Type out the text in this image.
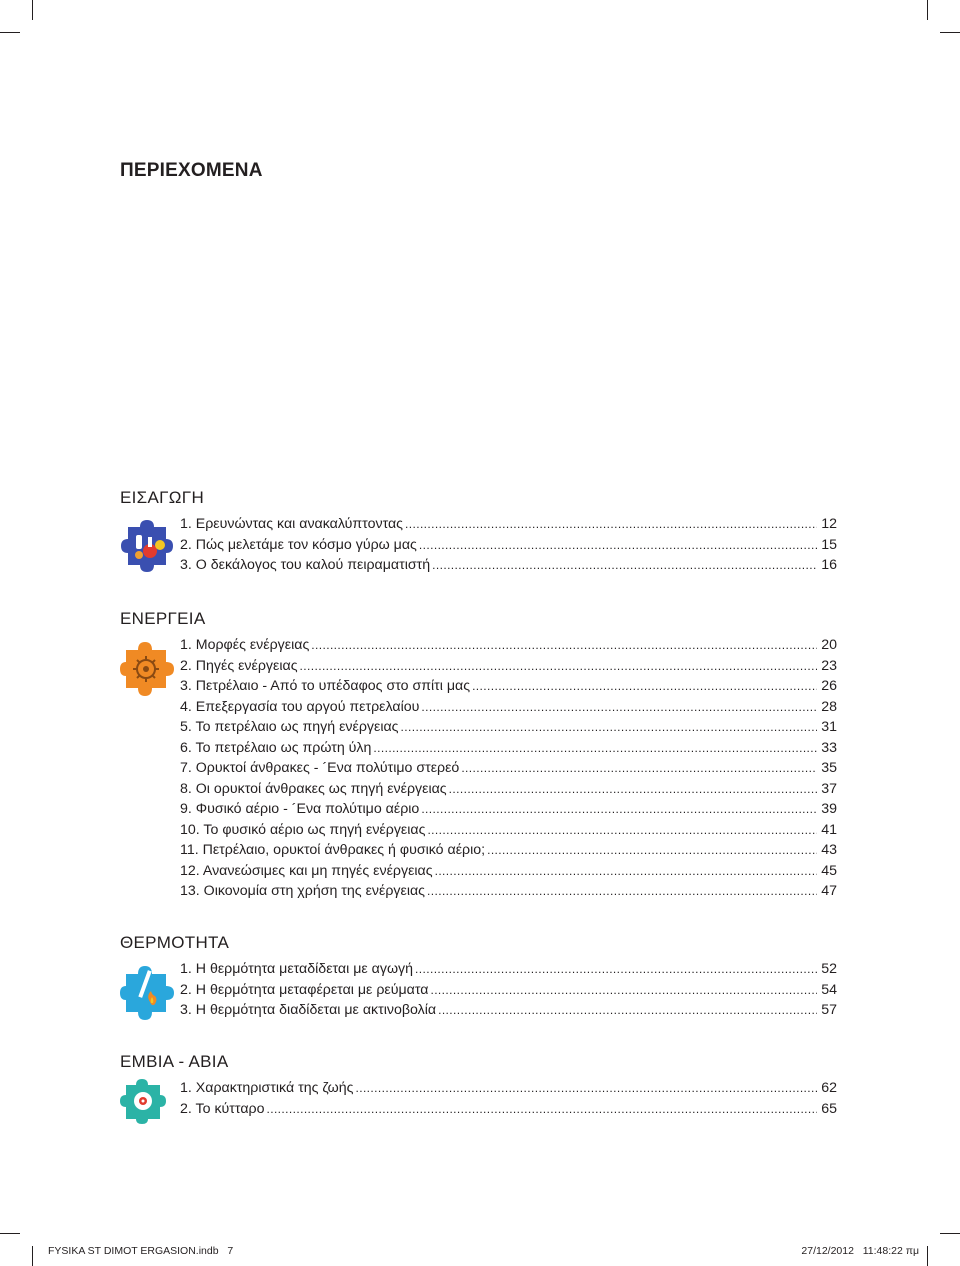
ΠΕΡΙΕΧΟΜΕΝΑ
ΕΙΣΑΓΩΓΗ
1. Ερευνώντας και ανακαλύπτοντας .....	12
2. Πώς μελετάμε τον κόσμο γύρω μας .....	15
3. Ο δεκάλογος του καλού πειραματιστή .....	16
ΕΝΕΡΓΕΙΑ
1. Μορφές ενέργειας .....	20
2. Πηγές ενέργειας .....	23
3. Πετρέλαιο - Από το υπέδαφος στο σπίτι μας .....	26
4. Επεξεργασία του αργού πετρελαίου .....	28
5. Το πετρέλαιο ως πηγή ενέργειας .....	31
6. Το πετρέλαιο ως πρώτη ύλη .....	33
7. Ορυκτοί άνθρακες - ´Ενα πολύτιμο στερεό .....	35
8. Οι ορυκτοί άνθρακες ως πηγή ενέργειας .....	37
9. Φυσικό αέριο - ´Ενα πολύτιμο αέριο .....	39
10. Το φυσικό αέριο ως πηγή ενέργειας .....	41
11. Πετρέλαιο, ορυκτοί άνθρακες ή φυσικό αέριο; .....	43
12. Ανανεώσιμες και μη πηγές ενέργειας .....	45
13. Οικονομία στη χρήση της ενέργειας .....	47
ΘΕΡΜΟΤΗΤΑ
1. Η θερμότητα μεταδίδεται με αγωγή .....	52
2. Η θερμότητα μεταφέρεται με ρεύματα .....	54
3. Η θερμότητα διαδίδεται με ακτινοβολία .....	57
ΕΜΒΙΑ - ΑΒΙΑ
1. Χαρακτηριστικά της ζωής .....	62
2. Το κύτταρο .....	65
FYSIKA ST DIMOT ERGASION.indb   7	27/12/2012   11:48:22 πμ
